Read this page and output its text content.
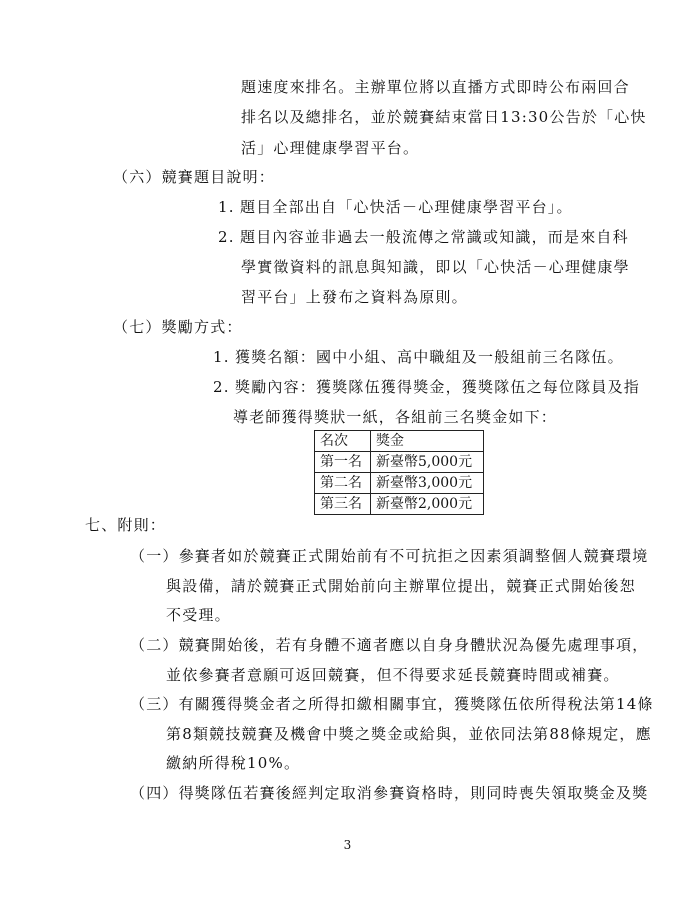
題速度來排名。主辦單位將以直播方式即時公布兩回合
排名以及總排名，並於競賽結束當日13:30公告於「心快
活」心理健康學習平台。
（六）競賽題目說明：
1. 題目全部出自「心快活－心理健康學習平台」。
2. 題目內容並非過去一般流傳之常識或知識，而是來自科
學實徵資料的訊息與知識，即以「心快活－心理健康學
習平台」上發布之資料為原則。
（七）獎勵方式：
1. 獲獎名額：國中小組、高中職組及一般組前三名隊伍。
2. 獎勵內容：獲獎隊伍獲得獎金，獲獎隊伍之每位隊員及指
導老師獲得獎狀一紙，各組前三名獎金如下：
名次	獎金
第一名	新臺幣5,000元
第二名	新臺幣3,000元
第三名	新臺幣2,000元
七、附則：
（一）參賽者如於競賽正式開始前有不可抗拒之因素須調整個人競賽環境
與設備，請於競賽正式開始前向主辦單位提出，競賽正式開始後恕
不受理。
（二）競賽開始後，若有身體不適者應以自身身體狀況為優先處理事項，
並依參賽者意願可返回競賽，但不得要求延長競賽時間或補賽。
（三）有關獲得獎金者之所得扣繳相關事宜，獲獎隊伍依所得稅法第14條
第8類競技競賽及機會中獎之獎金或給與，並依同法第88條規定，應
繳納所得稅10%。
（四）得獎隊伍若賽後經判定取消參賽資格時，則同時喪失領取獎金及獎
3
